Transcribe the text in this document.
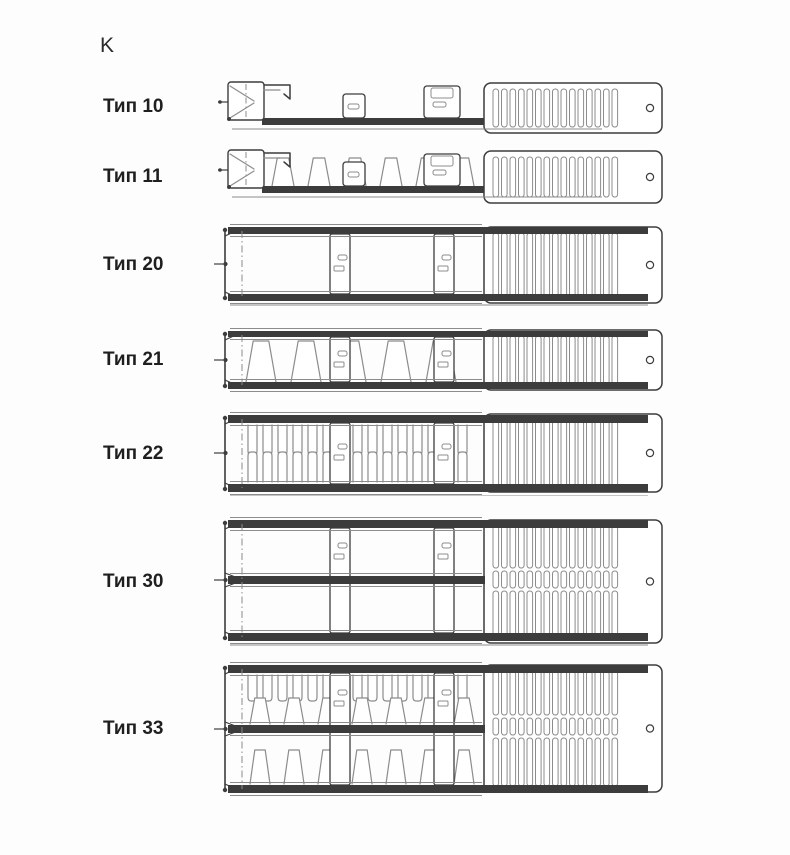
K
Тип 10
Тип 11
Тип 20
Тип 21
Тип 22
Тип 30
Тип 33
